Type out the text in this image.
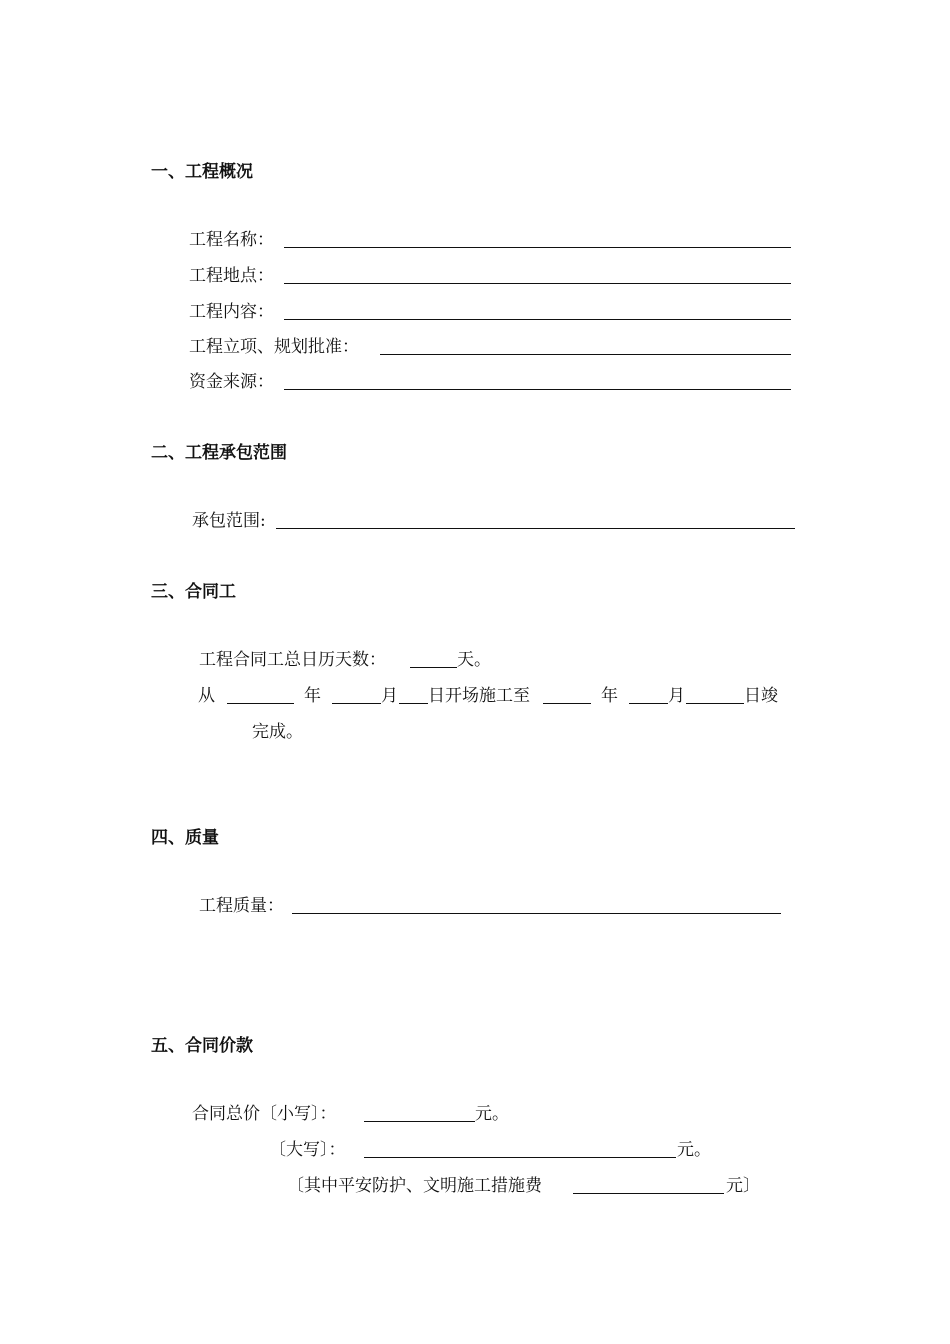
一、工程概况
工程名称：
工程地点：
工程内容：
工程立项、规划批准：
资金来源：
二、工程承包范围
承包范围:
三、合同工
工程合同工总日历天数：	天。
从	年	月 日开场施工至	年	月	日竣
完成。
四、质量
工程质量：
五、合同价款
合同总价〔小写〕：	元。
〔大写〕：	元。
〔其中平安防护、文明施工措施费	元〕
